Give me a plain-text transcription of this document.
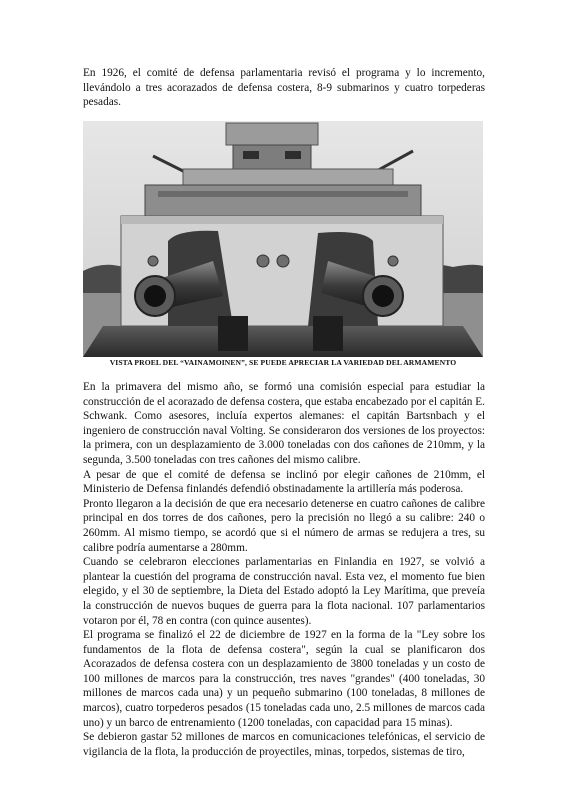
En 1926, el comité de defensa parlamentaria revisó el programa y lo incremento, llevándolo a tres acorazados de defensa costera, 8-9 submarinos y cuatro torpederas pesadas.

VISTA PROEL DEL “VAINAMOINEN”, SE PUEDE APRECIAR LA VARIEDAD DEL ARMAMENTO

En la primavera del mismo año, se formó una comisión especial para estudiar la construcción de el acorazado de defensa costera, que estaba encabezado por el capitán E. Schwank. Como asesores, incluía expertos alemanes: el capitán Bartsnbach y el ingeniero de construcción naval Volting. Se consideraron dos versiones de los proyectos: la primera, con un desplazamiento de 3.000 toneladas con dos cañones de 210mm, y la segunda, 3.500 toneladas con tres cañones del mismo calibre.

A pesar de que el comité de defensa se inclinó por elegir cañones de 210mm, el Ministerio de Defensa finlandés defendió obstinadamente la artillería más poderosa.

Pronto llegaron a la decisión de que era necesario detenerse en cuatro cañones de calibre principal en dos torres de dos cañones, pero la precisión no llegó a su calibre: 240 o 260mm. Al mismo tiempo, se acordó que si el número de armas se redujera a tres, su calibre podría aumentarse a 280mm.

Cuando se celebraron elecciones parlamentarias en Finlandia en 1927, se volvió a plantear la cuestión del programa de construcción naval. Esta vez, el momento fue bien elegido, y el 30 de septiembre, la Dieta del Estado adoptó la Ley Marítima, que preveía la construcción de nuevos buques de guerra para la flota nacional. 107 parlamentarios votaron por él, 78 en contra (con quince ausentes).

El programa se finalizó el 22 de diciembre de 1927 en la forma de la "Ley sobre los fundamentos de la flota de defensa costera", según la cual se planificaron dos Acorazados de defensa costera con un desplazamiento de 3800 toneladas y un costo de 100 millones de marcos para la construcción, tres naves "grandes" (400 toneladas, 30 millones de marcos cada una) y un pequeño submarino (100 toneladas, 8 millones de marcos), cuatro torpederos pesados (15 toneladas cada uno, 2.5 millones de marcos cada uno) y un barco de entrenamiento (1200 toneladas, con capacidad para 15 minas).

Se debieron gastar 52 millones de marcos en comunicaciones telefónicas, el servicio de vigilancia de la flota, la producción de proyectiles, minas, torpedos, sistemas de tiro,
